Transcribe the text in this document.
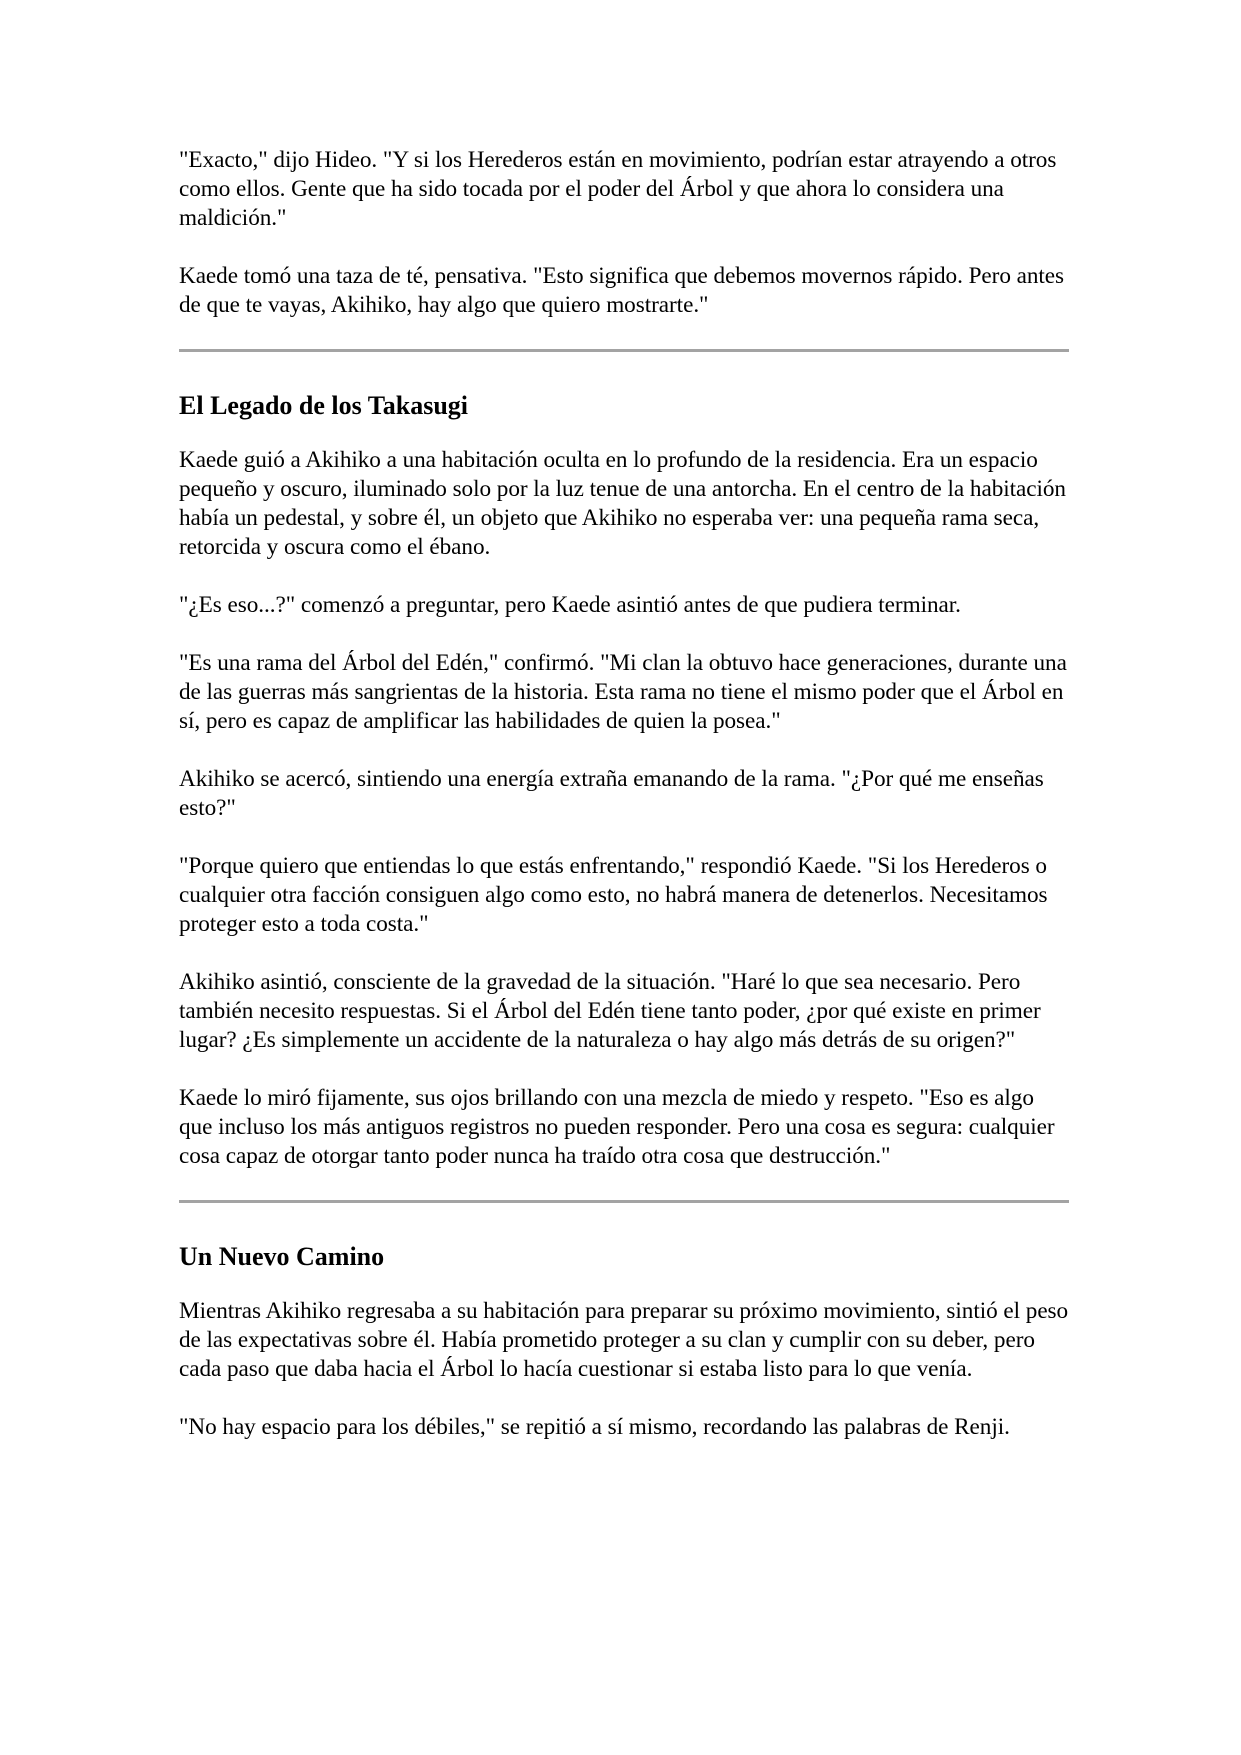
"Exacto," dijo Hideo. "Y si los Herederos están en movimiento, podrían estar atrayendo a otros como ellos. Gente que ha sido tocada por el poder del Árbol y que ahora lo considera una maldición."

Kaede tomó una taza de té, pensativa. "Esto significa que debemos movernos rápido. Pero antes de que te vayas, Akihiko, hay algo que quiero mostrarte."

El Legado de los Takasugi

Kaede guió a Akihiko a una habitación oculta en lo profundo de la residencia. Era un espacio pequeño y oscuro, iluminado solo por la luz tenue de una antorcha. En el centro de la habitación había un pedestal, y sobre él, un objeto que Akihiko no esperaba ver: una pequeña rama seca, retorcida y oscura como el ébano.

"¿Es eso...?" comenzó a preguntar, pero Kaede asintió antes de que pudiera terminar.

"Es una rama del Árbol del Edén," confirmó. "Mi clan la obtuvo hace generaciones, durante una de las guerras más sangrientas de la historia. Esta rama no tiene el mismo poder que el Árbol en sí, pero es capaz de amplificar las habilidades de quien la posea."

Akihiko se acercó, sintiendo una energía extraña emanando de la rama. "¿Por qué me enseñas esto?"

"Porque quiero que entiendas lo que estás enfrentando," respondió Kaede. "Si los Herederos o cualquier otra facción consiguen algo como esto, no habrá manera de detenerlos. Necesitamos proteger esto a toda costa."

Akihiko asintió, consciente de la gravedad de la situación. "Haré lo que sea necesario. Pero también necesito respuestas. Si el Árbol del Edén tiene tanto poder, ¿por qué existe en primer lugar? ¿Es simplemente un accidente de la naturaleza o hay algo más detrás de su origen?"

Kaede lo miró fijamente, sus ojos brillando con una mezcla de miedo y respeto. "Eso es algo que incluso los más antiguos registros no pueden responder. Pero una cosa es segura: cualquier cosa capaz de otorgar tanto poder nunca ha traído otra cosa que destrucción."

Un Nuevo Camino

Mientras Akihiko regresaba a su habitación para preparar su próximo movimiento, sintió el peso de las expectativas sobre él. Había prometido proteger a su clan y cumplir con su deber, pero cada paso que daba hacia el Árbol lo hacía cuestionar si estaba listo para lo que venía.

"No hay espacio para los débiles," se repitió a sí mismo, recordando las palabras de Renji.
